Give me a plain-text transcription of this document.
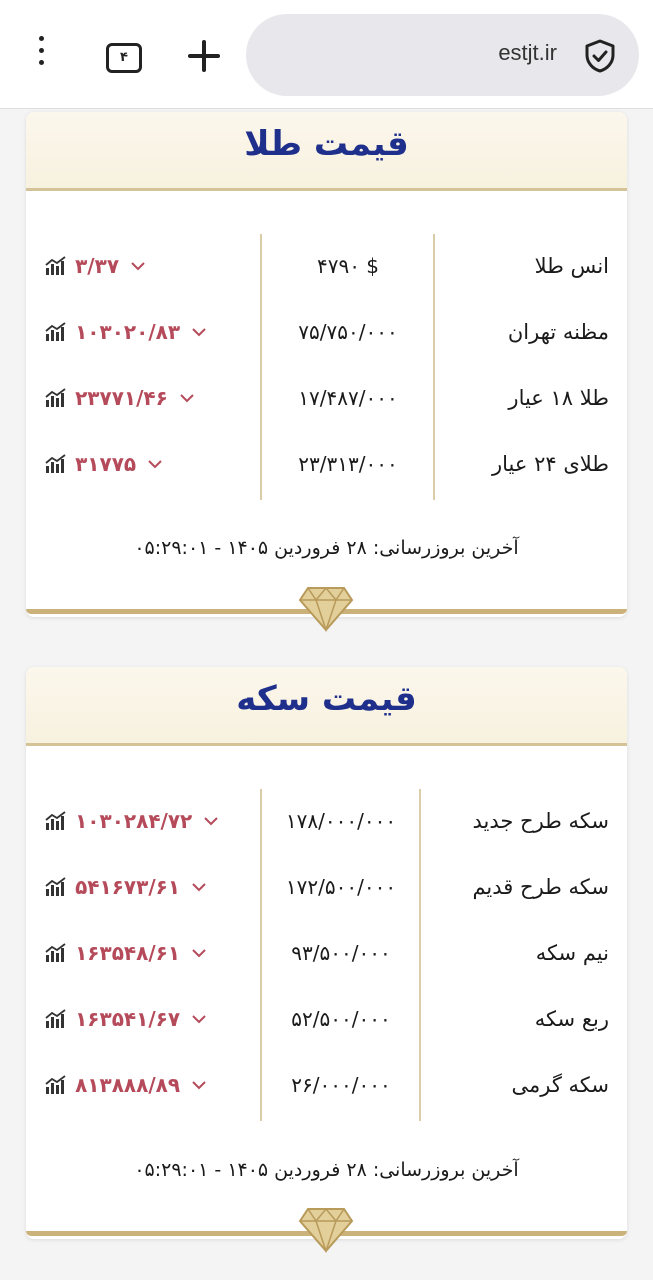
۴	estjt.ir
قیمت طلا
انس طلا
۴۷۹۰ $
۳/۳۷
مظنه تهران
۷۵/۷۵۰/۰۰۰
۱۰۳۰۲۰/۸۳
طلا ۱۸ عیار
۱۷/۴۸۷/۰۰۰
۲۳۷۷۱/۴۶
طلای ۲۴ عیار
۲۳/۳۱۳/۰۰۰
۳۱۷۷۵
آخرین بروزرسانی: ۲۸ فروردین ۱۴۰۵ - ۰۵:۲۹:۰۱
قیمت سکه
سکه طرح جدید
۱۷۸/۰۰۰/۰۰۰
۱۰۳۰۲۸۴/۷۲
سکه طرح قدیم
۱۷۲/۵۰۰/۰۰۰
۵۴۱۶۷۳/۶۱
نیم سکه
۹۳/۵۰۰/۰۰۰
۱۶۳۵۴۸/۶۱
ربع سکه
۵۲/۵۰۰/۰۰۰
۱۶۳۵۴۱/۶۷
سکه گرمی
۲۶/۰۰۰/۰۰۰
۸۱۳۸۸۸/۸۹
آخرین بروزرسانی: ۲۸ فروردین ۱۴۰۵ - ۰۵:۲۹:۰۱
